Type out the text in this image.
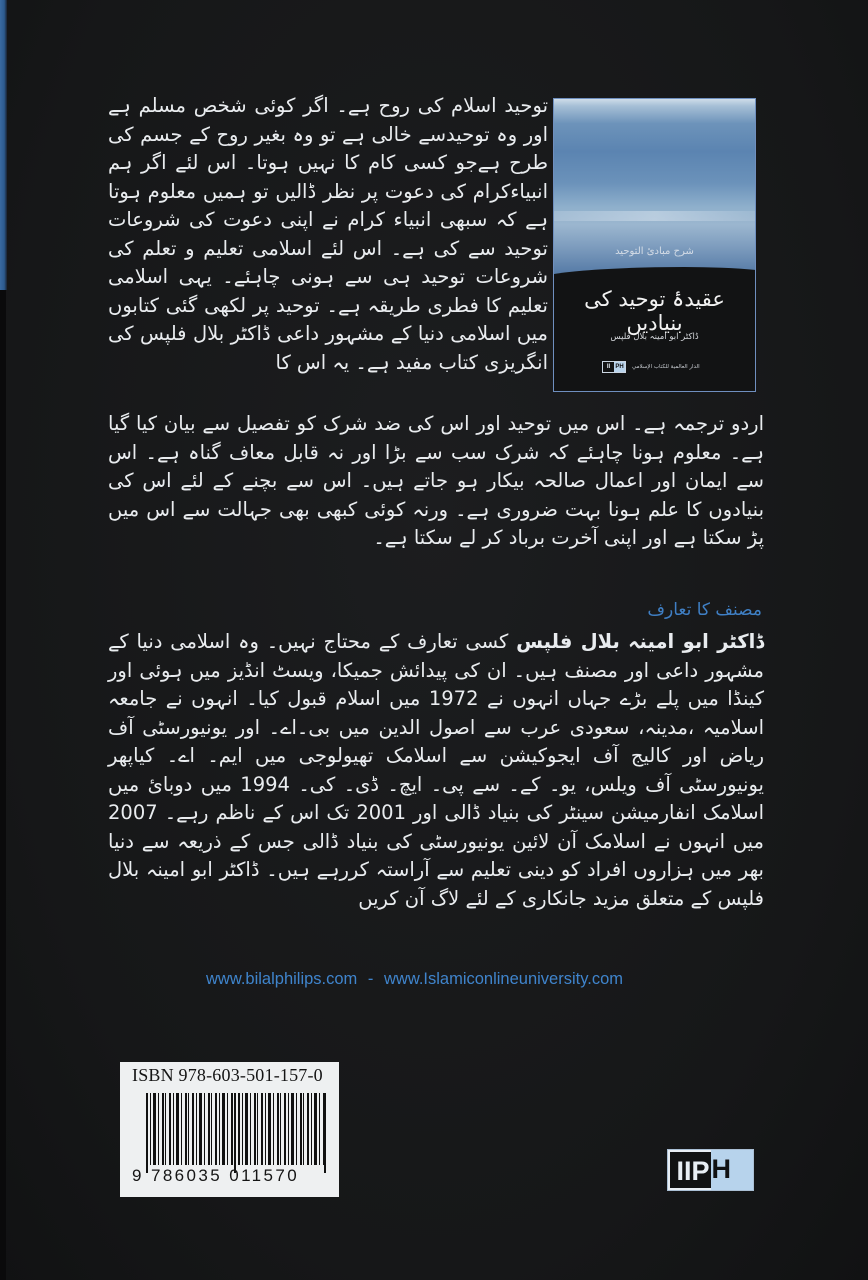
شرح مبادئ التوحيد
عقیدۂ توحید کی بنیادیں
ڈاکٹر ابو امینہ بلال فلپس
II PH الدار العالمية للكتاب الإسلامي
توحید اسلام کی روح ہے۔ اگر کوئی شخص مسلم ہے اور وہ توحیدسے خالی ہے تو وہ بغیر روح کے جسم کی طرح ہےجو کسی کام کا نہیں ہوتا۔ اس لئے اگر ہم انبیاءکرام کی دعوت پر نظر ڈالیں تو ہمیں معلوم ہوتا ہے کہ سبھی انبیاء کرام نے اپنی دعوت کی شروعات توحید سے کی ہے۔ اس لئے اسلامی تعلیم و تعلم کی شروعات توحید ہی سے ہونی چاہئے۔ یہی اسلامی تعلیم کا فطری طریقہ ہے۔ توحید پر لکھی گئی کتابوں میں اسلامی دنیا کے مشہور داعی ڈاکٹر بلال فلپس کی انگریزی کتاب مفید ہے۔ یہ اس کا
اردو ترجمہ ہے۔ اس میں توحید اور اس کی ضد شرک کو تفصیل سے بیان کیا گیا ہے۔ معلوم ہونا چاہئے کہ شرک سب سے بڑا اور نہ قابل معاف گناہ ہے۔ اس سے ایمان اور اعمال صالحہ بیکار ہو جاتے ہیں۔ اس سے بچنے کے لئے اس کی بنیادوں کا علم ہونا بہت ضروری ہے۔ ورنہ کوئی کبھی بھی جہالت سے اس میں پڑ سکتا ہے اور اپنی آخرت برباد کر لے سکتا ہے۔
مصنف کا تعارف
ڈاکٹر ابو امینہ بلال فلپس کسی تعارف کے محتاج نہیں۔ وہ اسلامی دنیا کے مشہور داعی اور مصنف ہیں۔ ان کی پیدائش جمیکا، ویسٹ انڈیز میں ہوئی اور کینڈا میں پلے بڑے جہاں انہوں نے 1972 میں اسلام قبول کیا۔ انہوں نے جامعہ اسلامیہ ،مدینہ، سعودی عرب سے اصول الدین میں بی۔اے۔ اور یونیورسٹی آف ریاض اور کالیج آف ایجوکیشن سے اسلامک تھیولوجی میں ایم۔ اے۔ کیاپھر یونیورسٹی آف ویلس، یو۔ کے۔ سے پی۔ ایچ۔ ڈی۔ کی۔ 1994 میں دوبائ میں اسلامک انفارمیشن سینٹر کی بنیاد ڈالی اور 2001 تک اس کے ناظم رہے۔ 2007 میں انہوں نے اسلامک آن لائین یونیورسٹی کی بنیاد ڈالی جس کے ذریعہ سے دنیا بھر میں ہزاروں افراد کو دینی تعلیم سے آراستہ کررہے ہیں۔ ڈاکٹر ابو امینہ بلال فلپس کے متعلق مزید جانکاری کے لئے لاگ آن کریں
www.bilalphilips.com - www.Islamiconlineuniversity.com
ISBN 978-603-501-157-0
9 786035 011570	IIP H
